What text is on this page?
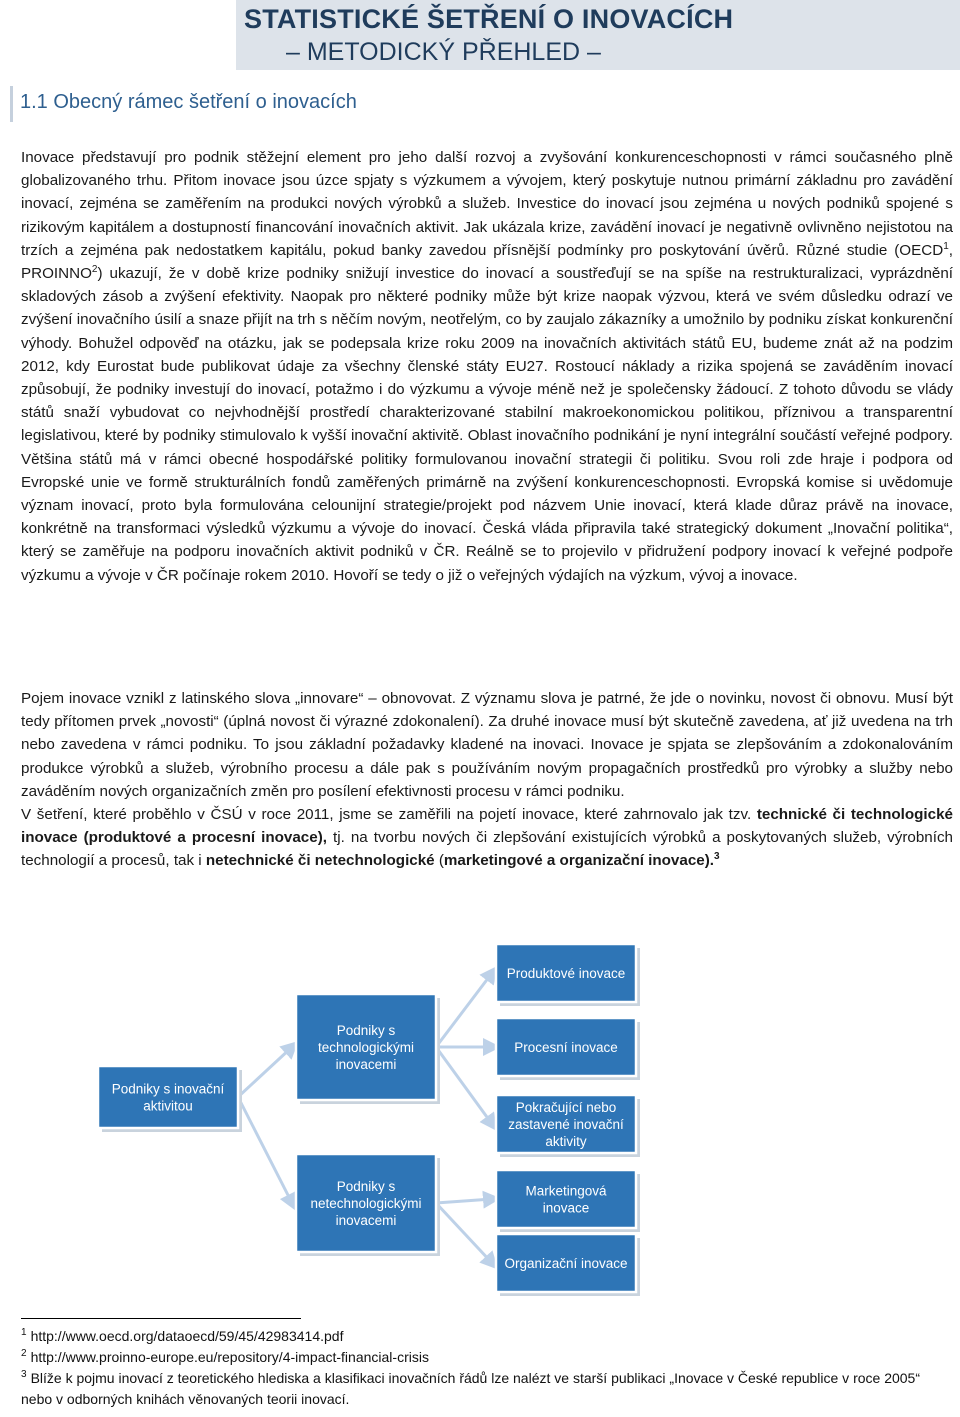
STATISTICKÉ ŠETŘENÍ O INOVACÍCH
– METODICKÝ PŘEHLED –
1.1 Obecný rámec šetření o inovacích

Inovace představují pro podnik stěžejní element pro jeho další rozvoj a zvyšování konkurenceschopnosti v rámci současného plně globalizovaného trhu. Přitom inovace jsou úzce spjaty s výzkumem a vývojem, který poskytuje nutnou primární základnu pro zavádění inovací, zejména se zaměřením na produkci nových výrobků a služeb. Investice do inovací jsou zejména u nových podniků spojené s rizikovým kapitálem a dostupností financování inovačních aktivit. Jak ukázala krize, zavádění inovací je negativně ovlivněno nejistotou na trzích a zejména pak nedostatkem kapitálu, pokud banky zavedou přísnější podmínky pro poskytování úvěrů. Různé studie (OECD$^1$, PROINNO$^2$) ukazují, že v době krize podniky snižují investice do inovací a soustřeďují se na spíše na restrukturalizaci, vyprázdnění skladových zásob a zvýšení efektivity. Naopak pro některé podniky může být krize naopak výzvou, která ve svém důsledku odrazí ve zvýšení inovačního úsilí a snaze přijít na trh s něčím novým, neotřelým, co by zaujalo zákazníky a umožnilo by podniku získat konkurenční výhody. Bohužel odpověď na otázku, jak se podepsala krize roku 2009 na inovačních aktivitách států EU, budeme znát až na podzim 2012, kdy Eurostat bude publikovat údaje za všechny členské státy EU27. Rostoucí náklady a rizika spojená se zaváděním inovací způsobují, že podniky investují do inovací, potažmo i do výzkumu a vývoje méně než je společensky žádoucí. Z tohoto důvodu se vlády států snaží vybudovat co nejvhodnější prostředí charakterizované stabilní makroekonomickou politikou, příznivou a transparentní legislativou, které by podniky stimulovalo k vyšší inovační aktivitě. Oblast inovačního podnikání je nyní integrální součástí veřejné podpory. Většina států má v rámci obecné hospodářské politiky formulovanou inovační strategii či politiku. Svou roli zde hraje i podpora od Evropské unie ve formě strukturálních fondů zaměřených primárně na zvýšení konkurenceschopnosti. Evropská komise si uvědomuje význam inovací, proto byla formulována celounijní strategie/projekt pod názvem Unie inovací, která klade důraz právě na inovace, konkrétně na transformaci výsledků výzkumu a vývoje do inovací. Česká vláda připravila také strategický dokument „Inovační politika“, který se zaměřuje na podporu inovačních aktivit podniků v ČR. Reálně se to projevilo v přidružení podpory inovací k veřejné podpoře výzkumu a vývoje v ČR počínaje rokem 2010. Hovoří se tedy o již o veřejných výdajích na výzkum, vývoj a inovace.

Pojem inovace vznikl z latinského slova „innovare“ – obnovovat. Z významu slova je patrné, že jde o novinku, novost či obnovu. Musí být tedy přítomen prvek „novosti“ (úplná novost či výrazné zdokonalení). Za druhé inovace musí být skutečně zavedena, ať již uvedena na trh nebo zavedena v rámci podniku. To jsou základní požadavky kladené na inovaci. Inovace je spjata se zlepšováním a zdokonalováním produkce výrobků a služeb, výrobního procesu a dále pak s používáním novým propagačních prostředků pro výrobky a služby nebo zaváděním nových organizačních změn pro posílení efektivnosti procesu v rámci podniku.

V šetření, které proběhlo v ČSÚ v roce 2011, jsme se zaměřili na pojetí inovace, které zahrnovalo jak tzv. technické či technologické inovace (produktové a procesní inovace), tj. na tvorbu nových či zlepšování existujících výrobků a poskytovaných služeb, výrobních technologií a procesů, tak i netechnické či netechnologické (marketingové a organizační inovace).$^3$

Podniky s inovační
aktivitou
Podniky s
technologickými
inovacemi
Podniky s
netechnologickými
inovacemi
Produktové inovace
Procesní inovace
Pokračující nebo
zastavené inovační
aktivity
Marketingová
inovace
Organizační inovace

$^1$ http://www.oecd.org/dataoecd/59/45/42983414.pdf

$^2$ http://www.proinno-europe.eu/repository/4-impact-financial-crisis

$^3$ Blíže k pojmu inovací z teoretického hlediska a klasifikaci inovačních řádů lze nalézt ve starší publikaci „Inovace v České republice v roce 2005“ nebo v odborných knihách věnovaných teorii inovací.
